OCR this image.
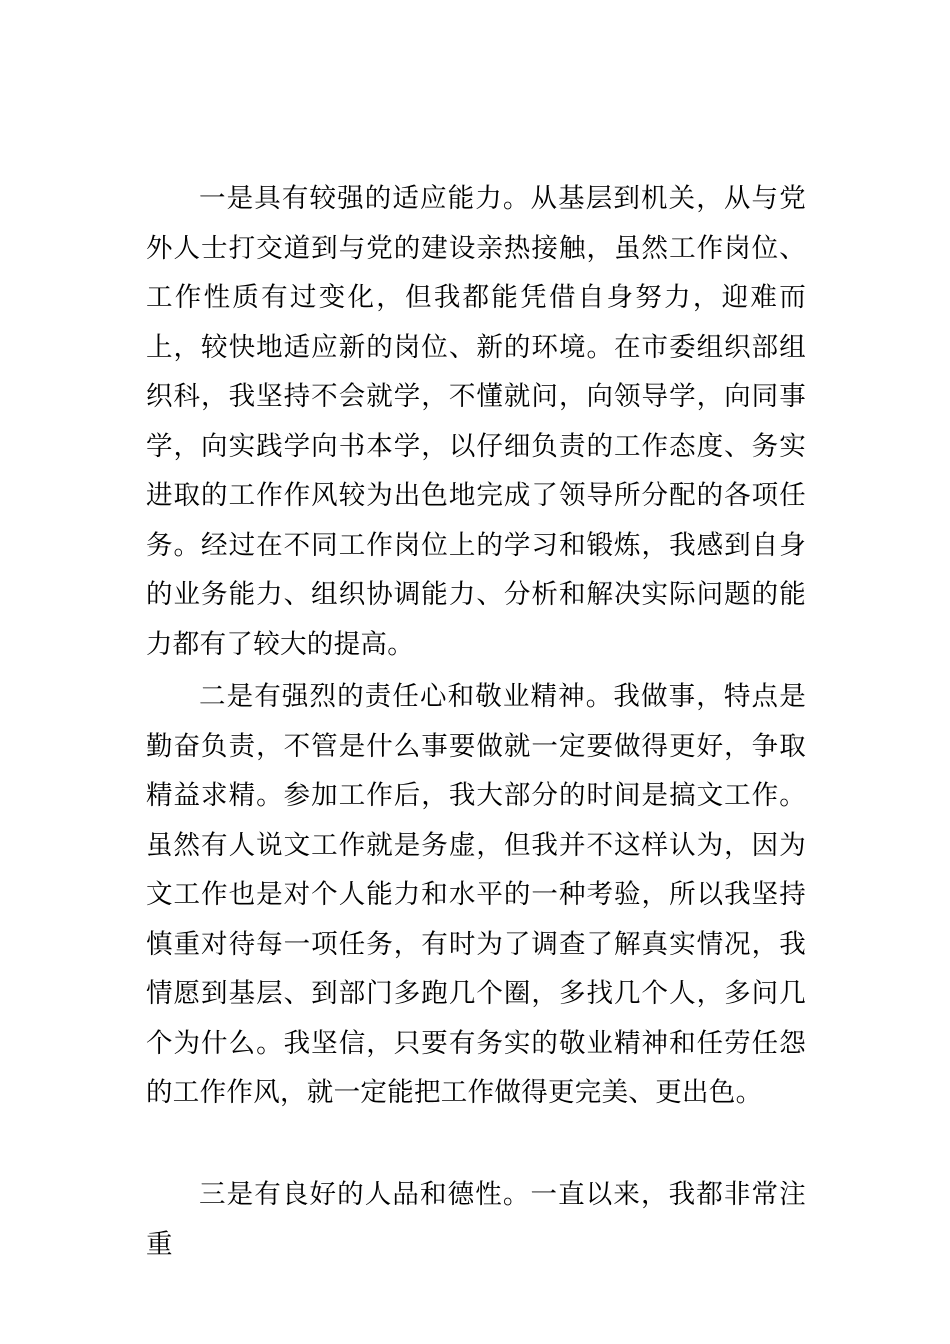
一是具有较强的适应能力。从基层到机关，从与党外人士打交道到与党的建设亲热接触，虽然工作岗位、工作性质有过变化，但我都能凭借自身努力，迎难而上，较快地适应新的岗位、新的环境。在市委组织部组织科，我坚持不会就学，不懂就问，向领导学，向同事学，向实践学向书本学，以仔细负责的工作态度、务实进取的工作作风较为出色地完成了领导所分配的各项任务。经过在不同工作岗位上的学习和锻炼，我感到自身的业务能力、组织协调能力、分析和解决实际问题的能力都有了较大的提高。

二是有强烈的责任心和敬业精神。我做事，特点是勤奋负责，不管是什么事要做就一定要做得更好，争取精益求精。参加工作后，我大部分的时间是搞文工作。虽然有人说文工作就是务虚，但我并不这样认为，因为文工作也是对个人能力和水平的一种考验，所以我坚持慎重对待每一项任务，有时为了调查了解真实情况，我情愿到基层、到部门多跑几个圈，多找几个人，多问几个为什么。我坚信，只要有务实的敬业精神和任劳任怨的工作作风，就一定能把工作做得更完美、更出色。

三是有良好的人品和德性。一直以来，我都非常注重
